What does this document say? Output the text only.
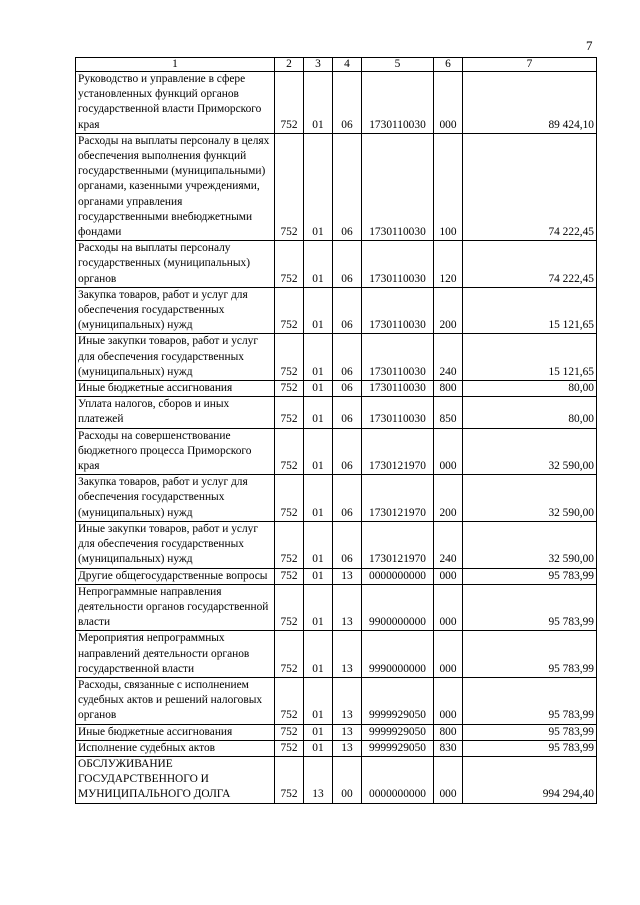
7
1	2	3	4	5	6	7
Руководство и управление в сфере установленных функций органов государственной власти Приморского края	752	01	06	1730110030	000	89 424,10
Расходы на выплаты персоналу в целях обеспечения выполнения функций государственными (муниципальными) органами, казенными учреждениями, органами управления государственными внебюджетными фондами	752	01	06	1730110030	100	74 222,45
Расходы на выплаты персоналу государственных (муниципальных) органов	752	01	06	1730110030	120	74 222,45
Закупка товаров, работ и услуг для обеспечения государственных (муниципальных) нужд	752	01	06	1730110030	200	15 121,65
Иные закупки товаров, работ и услуг для обеспечения государственных (муниципальных) нужд	752	01	06	1730110030	240	15 121,65
Иные бюджетные ассигнования	752	01	06	1730110030	800	80,00
Уплата налогов, сборов и иных платежей	752	01	06	1730110030	850	80,00
Расходы на совершенствование бюджетного процесса Приморского края	752	01	06	1730121970	000	32 590,00
Закупка товаров, работ и услуг для обеспечения государственных (муниципальных) нужд	752	01	06	1730121970	200	32 590,00
Иные закупки товаров, работ и услуг для обеспечения государственных (муниципальных) нужд	752	01	06	1730121970	240	32 590,00
Другие общегосударственные вопросы	752	01	13	0000000000	000	95 783,99
Непрограммные направления деятельности органов государственной власти	752	01	13	9900000000	000	95 783,99
Мероприятия непрограммных направлений деятельности органов государственной власти	752	01	13	9990000000	000	95 783,99
Расходы, связанные с исполнением судебных актов и решений налоговых органов	752	01	13	9999929050	000	95 783,99
Иные бюджетные ассигнования	752	01	13	9999929050	800	95 783,99
Исполнение судебных актов	752	01	13	9999929050	830	95 783,99
ОБСЛУЖИВАНИЕ ГОСУДАРСТВЕННОГО И МУНИЦИПАЛЬНОГО ДОЛГА	752	13	00	0000000000	000	994 294,40
